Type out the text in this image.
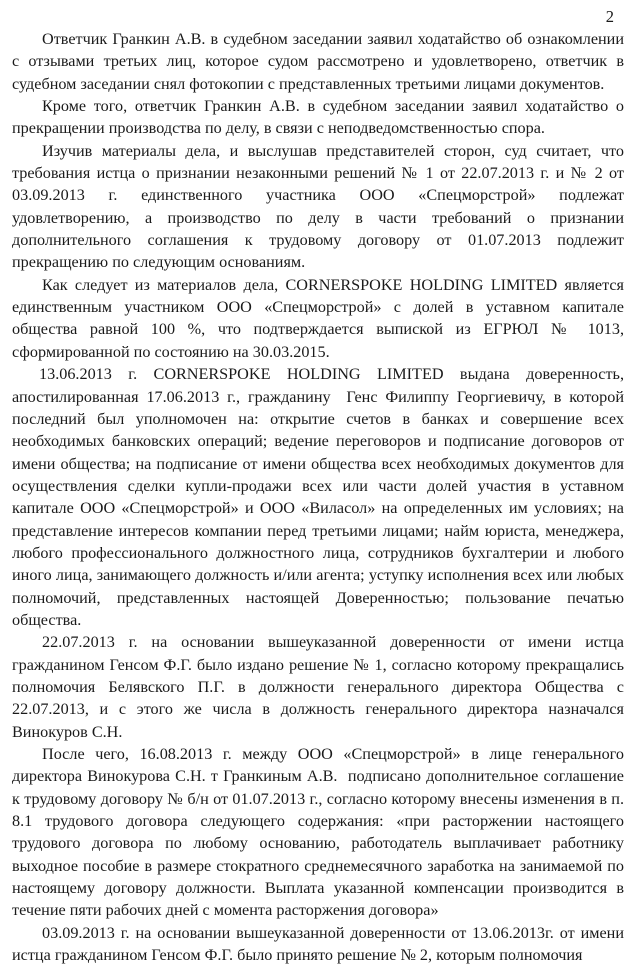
2

Ответчик Гранкин А.В. в судебном заседании заявил ходатайство об ознакомлении с отзывами третьих лиц, которое судом рассмотрено и удовлетворено, ответчик в судебном заседании снял фотокопии с представленных третьими лицами документов.

Кроме того, ответчик Гранкин А.В. в судебном заседании заявил ходатайство о прекращении производства по делу, в связи с неподведомственностью спора.

Изучив материалы дела, и выслушав представителей сторон, суд считает, что требования истца о признании незаконными решений № 1 от 22.07.2013 г. и № 2 от 03.09.2013 г. единственного участника ООО «Спецморстрой» подлежат удовлетворению, а производство по делу в части требований о признании дополнительного соглашения к трудовому договору от 01.07.2013 подлежит прекращению по следующим основаниям.

Как следует из материалов дела, CORNERSPOKE HOLDING LIMITED является единственным участником ООО «Спецморстрой» с долей в уставном капитале общества равной 100 %, что подтверждается выпиской из ЕГРЮЛ № 1013, сформированной по состоянию на 30.03.2015.

13.06.2013 г. CORNERSPOKE HOLDING LIMITED выдана доверенность, апостилированная 17.06.2013 г., гражданину  Генс Филиппу Георгиевичу, в которой последний был уполномочен на: открытие счетов в банках и совершение всех необходимых банковских операций; ведение переговоров и подписание договоров от имени общества; на подписание от имени общества всех необходимых документов для осуществления сделки купли-продажи всех или части долей участия в уставном капитале ООО «Спецморстрой» и ООО «Виласол» на определенных им условиях; на представление интересов компании перед третьими лицами; найм юриста, менеджера, любого профессионального должностного лица, сотрудников бухгалтерии и любого иного лица, занимающего должность и/или агента; уступку исполнения всех или любых полномочий, представленных настоящей Доверенностью; пользование печатью общества.

22.07.2013 г. на основании вышеуказанной доверенности от имени истца гражданином Генсом Ф.Г. было издано решение № 1, согласно которому прекращались полномочия Белявского П.Г. в должности генерального директора Общества с 22.07.2013, и с этого же числа в должность генерального директора назначался Винокуров С.Н.

После чего, 16.08.2013 г. между ООО «Спецморстрой» в лице генерального директора Винокурова С.Н. т Гранкиным А.В.  подписано дополнительное соглашение к трудовому договору № б/н от 01.07.2013 г., согласно которому внесены изменения в п. 8.1 трудового договора следующего содержания: «при расторжении настоящего трудового договора по любому основанию, работодатель выплачивает работнику выходное пособие в размере стократного среднемесячного заработка на занимаемой по настоящему договору должности. Выплата указанной компенсации производится в течение пяти рабочих дней с момента расторжения договора»

03.09.2013 г. на основании вышеуказанной доверенности от 13.06.2013г. от имени истца гражданином Генсом Ф.Г. было принято решение № 2, которым полномочия
